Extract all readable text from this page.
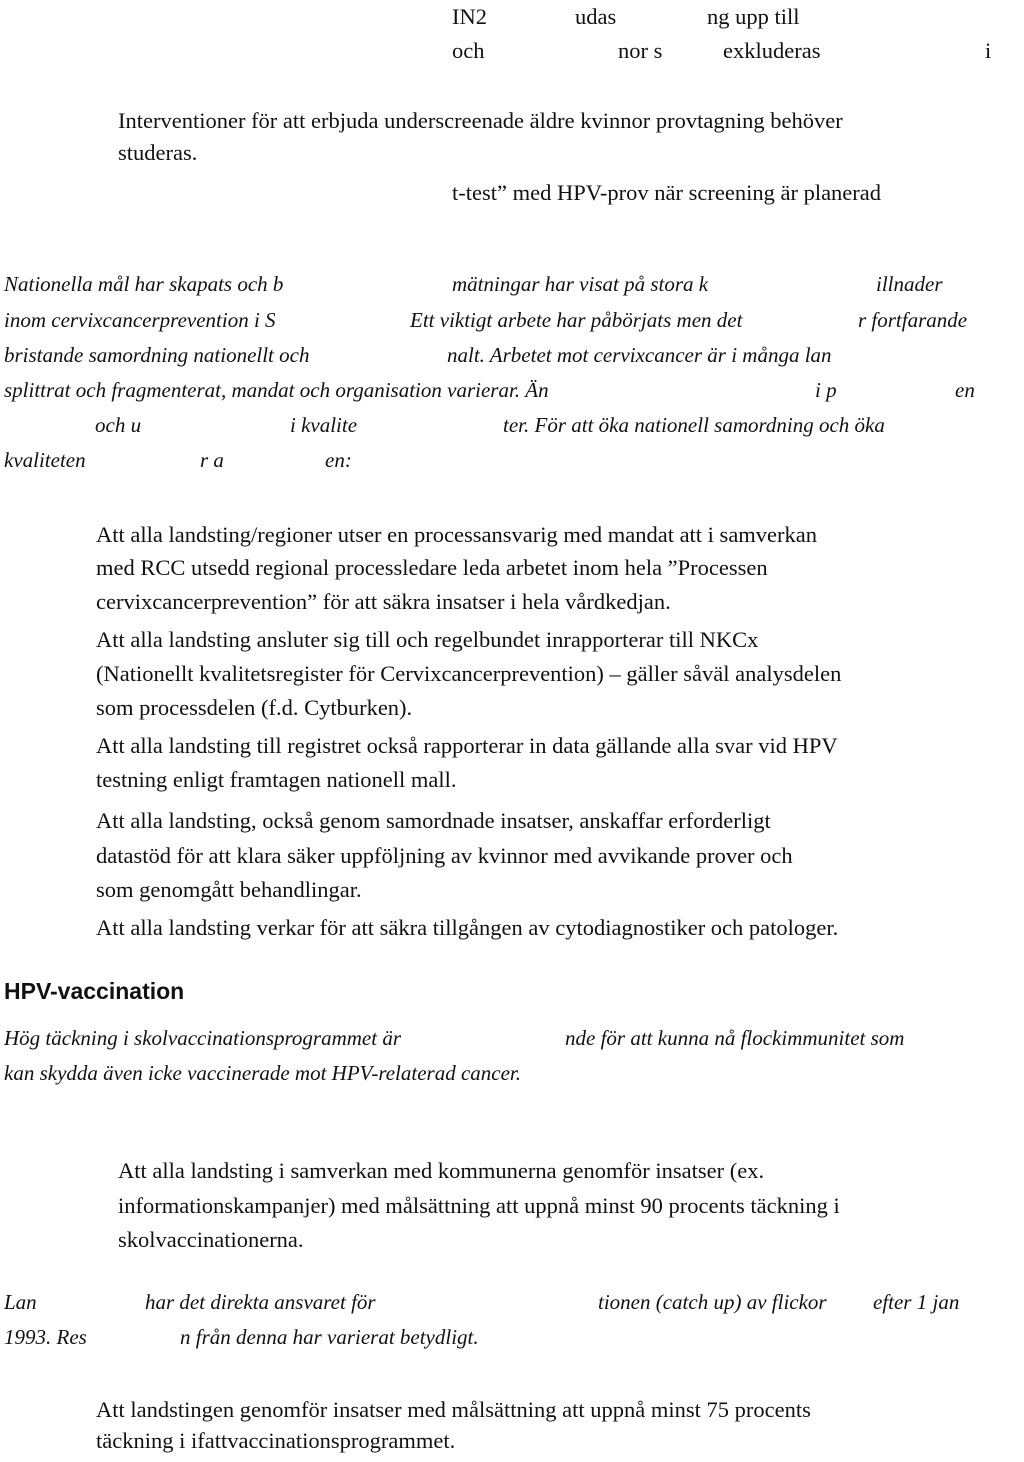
IN2	udas	ng upp till
och	nor s	exkluderas	i
Interventioner för att erbjuda underscreenade äldre kvinnor provtagning behöver
studeras.
t-test” med HPV-prov när screening är planerad
Nationella mål har skapats och b	mätningar har visat på stora k	illnader
inom cervixcancerprevention i S	Ett viktigt arbete har påbörjats men det	r fortfarande
bristande samordning nationellt och	nalt. Arbetet mot cervixcancer är i många lan
splittrat och fragmenterat, mandat och organisation varierar. Än	i p	en
och u	i kvalite	ter. För att öka nationell samordning och öka
kvaliteten	r a	en:
Att alla landsting/regioner utser en processansvarig med mandat att i samverkan
med RCC utsedd regional processledare leda arbetet inom hela ”Processen
cervixcancerprevention” för att säkra insatser i hela vårdkedjan.
Att alla landsting ansluter sig till och regelbundet inrapporterar till NKCx
(Nationellt kvalitetsregister för Cervixcancerprevention) – gäller såväl analysdelen
som processdelen (f.d. Cytburken).
Att alla landsting till registret också rapporterar in data gällande alla svar vid HPV
testning enligt framtagen nationell mall.
Att alla landsting, också genom samordnade insatser, anskaffar erforderligt
datastöd för att klara säker uppföljning av kvinnor med avvikande prover och
som genomgått behandlingar.
Att alla landsting verkar för att säkra tillgången av cytodiagnostiker och patologer.
HPV-vaccination
Hög täckning i skolvaccinationsprogrammet är	nde för att kunna nå flockimmunitet som
kan skydda även icke vaccinerade mot HPV-relaterad cancer.
Att alla landsting i samverkan med kommunerna genomför insatser (ex.
informationskampanjer) med målsättning att uppnå minst 90 procents täckning i
skolvaccinationerna.
Lan	har det direkta ansvaret för	tionen (catch up) av flickor efter 1 jan
1993. Res	n från denna har varierat betydligt.
Att landstingen genomför insatser med målsättning att uppnå minst 75 procents
täckning i ifattvaccinationsprogrammet.
